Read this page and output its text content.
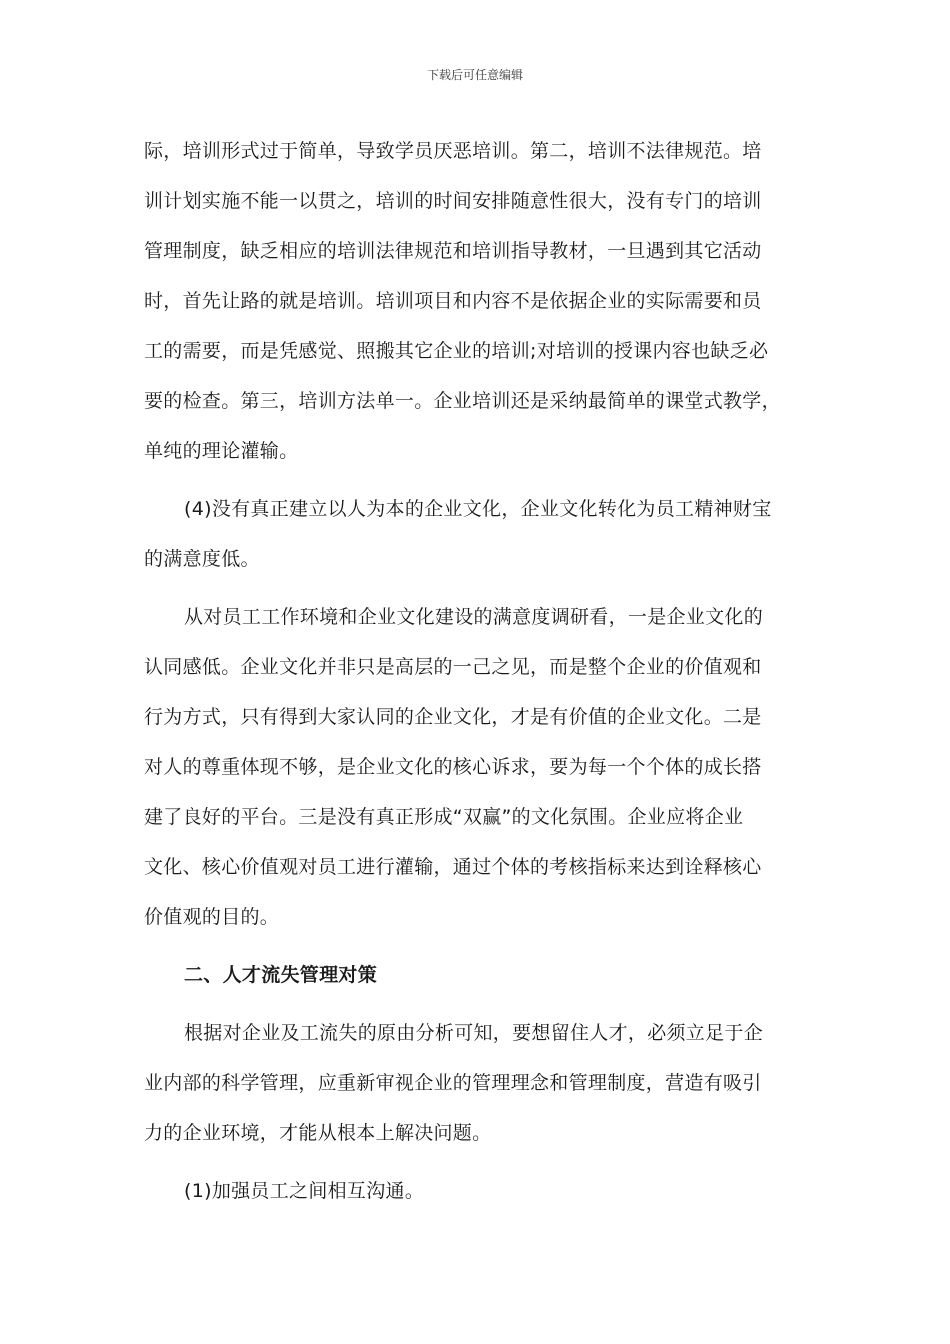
下载后可任意编辑
际，培训形式过于简单，导致学员厌恶培训。第二，培训不法律规范。培
训计划实施不能一以贯之，培训的时间安排随意性很大，没有专门的培训
管理制度，缺乏相应的培训法律规范和培训指导教材，一旦遇到其它活动
时，首先让路的就是培训。培训项目和内容不是依据企业的实际需要和员
工的需要，而是凭感觉、照搬其它企业的培训;对培训的授课内容也缺乏必
要的检查。第三，培训方法单一。企业培训还是采纳最简单的课堂式教学，
单纯的理论灌输。
(4)没有真正建立以人为本的企业文化，企业文化转化为员工精神财宝
的满意度低。
从对员工工作环境和企业文化建设的满意度调研看，一是企业文化的
认同感低。企业文化并非只是高层的一己之见，而是整个企业的价值观和
行为方式，只有得到大家认同的企业文化，才是有价值的企业文化。二是
对人的尊重体现不够，是企业文化的核心诉求，要为每一个个体的成长搭
建了良好的平台。三是没有真正形成“双赢”的文化氛围。企业应将企业
文化、核心价值观对员工进行灌输，通过个体的考核指标来达到诠释核心
价值观的目的。
二、人才流失管理对策
根据对企业及工流失的原由分析可知，要想留住人才，必须立足于企
业内部的科学管理，应重新审视企业的管理理念和管理制度，营造有吸引
力的企业环境，才能从根本上解决问题。
(1)加强员工之间相互沟通。
